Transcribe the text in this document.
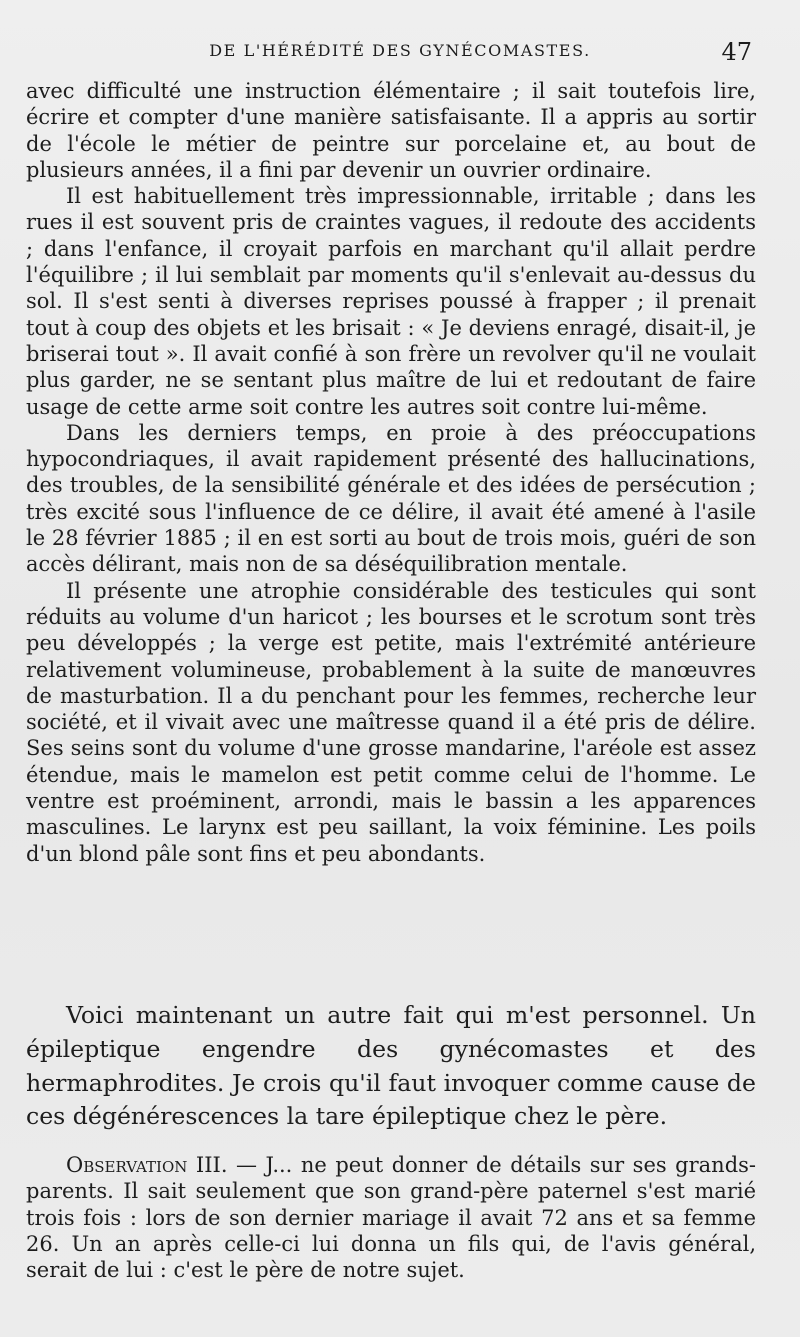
DE L'HÉRÉDITÉ DES GYNÉCOMASTES.	47

avec difficulté une instruction élémentaire ; il sait toutefois lire, écrire et compter d'une manière satisfaisante. Il a appris au sortir de l'école le métier de peintre sur porcelaine et, au bout de plusieurs années, il a fini par devenir un ouvrier ordinaire.

Il est habituellement très impressionnable, irritable ; dans les rues il est souvent pris de craintes vagues, il redoute des accidents ; dans l'enfance, il croyait parfois en marchant qu'il allait perdre l'équilibre ; il lui semblait par moments qu'il s'enlevait au-dessus du sol. Il s'est senti à diverses reprises poussé à frapper ; il prenait tout à coup des objets et les brisait : « Je deviens enragé, disait-il, je briserai tout ». Il avait confié à son frère un revolver qu'il ne voulait plus garder, ne se sentant plus maître de lui et redoutant de faire usage de cette arme soit contre les autres soit contre lui-même.

Dans les derniers temps, en proie à des préoccupations hypocondriaques, il avait rapidement présenté des hallucinations, des troubles, de la sensibilité générale et des idées de persécution ; très excité sous l'influence de ce délire, il avait été amené à l'asile le 28 février 1885 ; il en est sorti au bout de trois mois, guéri de son accès délirant, mais non de sa déséquilibration mentale.

Il présente une atrophie considérable des testicules qui sont réduits au volume d'un haricot ; les bourses et le scrotum sont très peu développés ; la verge est petite, mais l'extrémité antérieure relativement volumineuse, probablement à la suite de manœuvres de masturbation. Il a du penchant pour les femmes, recherche leur société, et il vivait avec une maîtresse quand il a été pris de délire. Ses seins sont du volume d'une grosse mandarine, l'aréole est assez étendue, mais le mamelon est petit comme celui de l'homme. Le ventre est proéminent, arrondi, mais le bassin a les apparences masculines. Le larynx est peu saillant, la voix féminine. Les poils d'un blond pâle sont fins et peu abondants.

Voici maintenant un autre fait qui m'est personnel. Un épileptique engendre des gynécomastes et des hermaphrodites. Je crois qu'il faut invoquer comme cause de ces dégénérescences la tare épileptique chez le père.

Observation III. — J... ne peut donner de détails sur ses grands-parents. Il sait seulement que son grand-père paternel s'est marié trois fois : lors de son dernier mariage il avait 72 ans et sa femme 26. Un an après celle-ci lui donna un fils qui, de l'avis général, serait de lui : c'est le père de notre sujet.
